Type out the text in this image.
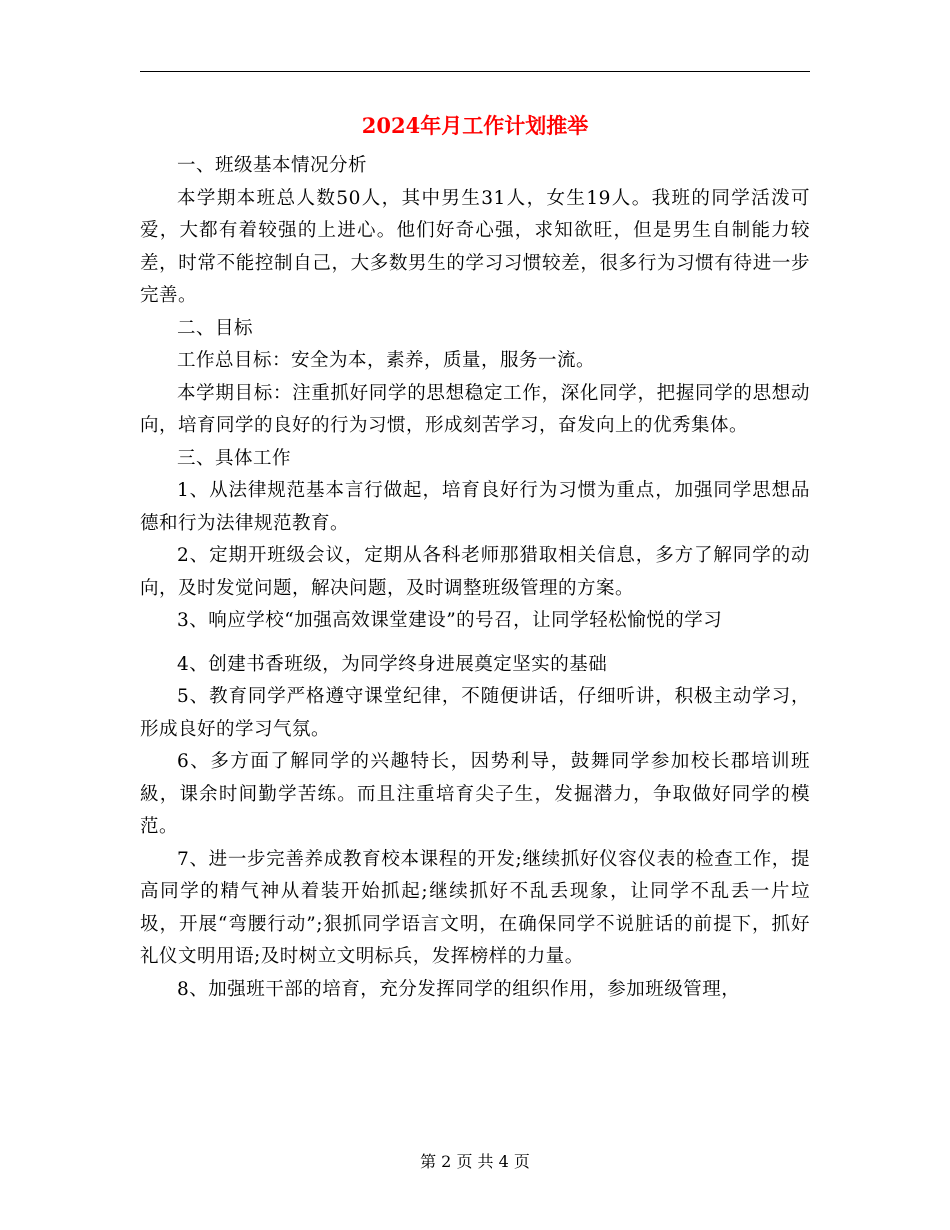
2024年月工作计划推举

一、班级基本情况分析

本学期本班总人数50人，其中男生31人，女生19人。我班的同学活泼可爱，大都有着较强的上进心。他们好奇心强，求知欲旺，但是男生自制能力较差，时常不能控制自己，大多数男生的学习习惯较差，很多行为习惯有待进一步完善。

二、目标

工作总目标：安全为本，素养，质量，服务一流。

本学期目标：注重抓好同学的思想稳定工作，深化同学，把握同学的思想动向，培育同学的良好的行为习惯，形成刻苦学习，奋发向上的优秀集体。

三、具体工作

1、从法律规范基本言行做起，培育良好行为习惯为重点，加强同学思想品德和行为法律规范教育。

2、定期开班级会议，定期从各科老师那猎取相关信息，多方了解同学的动向，及时发觉问题，解决问题，及时调整班级管理的方案。

3、响应学校“加强高效课堂建设”的号召，让同学轻松愉悦的学习

4、创建书香班级，为同学终身进展奠定坚实的基础

5、教育同学严格遵守课堂纪律，不随便讲话，仔细听讲，积极主动学习，形成良好的学习气氛。

6、多方面了解同学的兴趣特长，因势利导，鼓舞同学参加校长郡培训班級，课余时间勤学苦练。而且注重培育尖子生，发掘潜力，争取做好同学的模范。

7、进一步完善养成教育校本课程的开发;继续抓好仪容仪表的检查工作，提高同学的精气神从着装开始抓起;继续抓好不乱丢现象，让同学不乱丢一片垃圾，开展“弯腰行动”;狠抓同学语言文明，在确保同学不说脏话的前提下，抓好礼仪文明用语;及时树立文明标兵，发挥榜样的力量。

8、加强班干部的培育，充分发挥同学的组织作用，参加班级管理，

第 2 页 共 4 页
